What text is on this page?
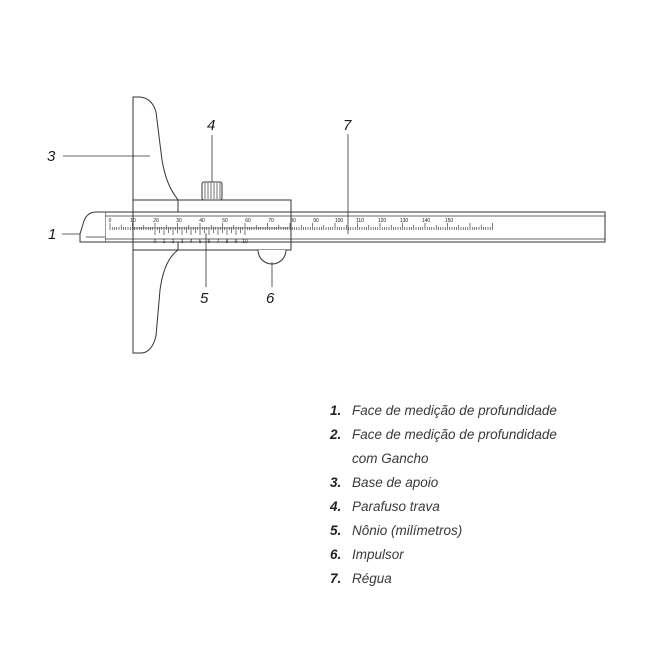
0	10	20	30	40	50	60	70	80	90	100	110	120	130	140	150
0 1 2 3 4 5 6 7 8 9 10
3
1
4	7
5	6
1. Face de medição de profundidade
2. Face de medição de profundidade
com Gancho
3. Base de apoio
4. Parafuso trava
5. Nônio (milímetros)
6. Impulsor
7. Régua
